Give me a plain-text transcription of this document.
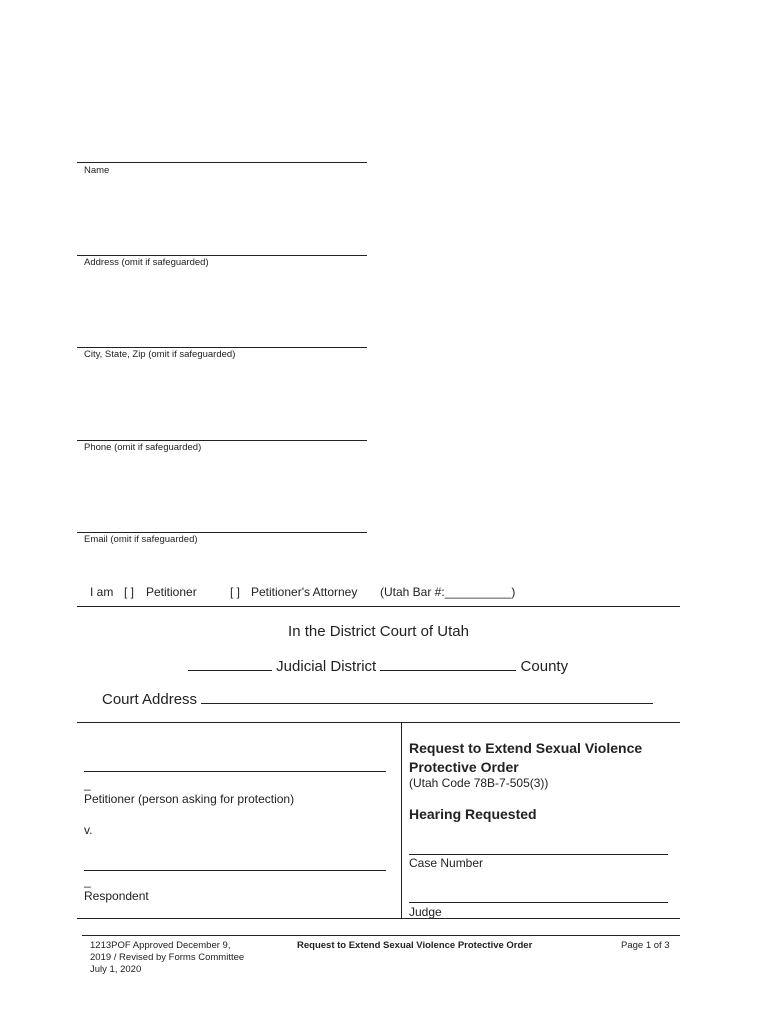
Name
Address (omit if safeguarded)
City, State, Zip (omit if safeguarded)
Phone (omit if safeguarded)
Email (omit if safeguarded)
I am [ ] Petitioner	[ ] Petitioner's Attorney (Utah Bar #:__________)
In the District Court of Utah
Judicial District	County
Court Address
_
Petitioner (person asking for protection)
v.
_
Respondent
Request to Extend Sexual Violence
Protective Order
(Utah Code 78B-7-505(3))
Hearing Requested
Case Number
Judge
1213POF Approved December 9,
2019 / Revised by Forms Committee
July 1, 2020
Request to Extend Sexual Violence Protective Order	Page 1 of 3
